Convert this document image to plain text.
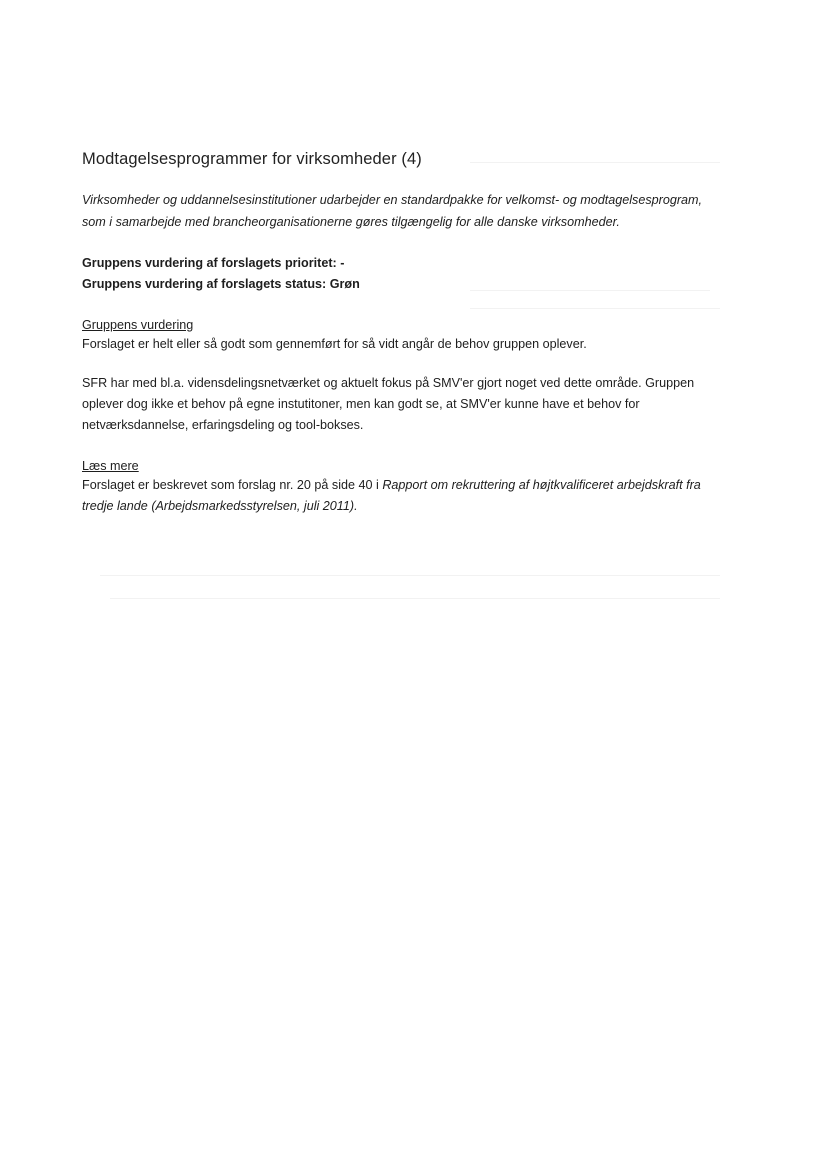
Modtagelsesprogrammer for virksomheder (4)

Virksomheder og uddannelsesinstitutioner udarbejder en standardpakke for velkomst- og modtagelsesprogram, som i samarbejde med brancheorganisationerne gøres tilgængelig for alle danske virksomheder.

Gruppens vurdering af forslagets prioritet: -
Gruppens vurdering af forslagets status: Grøn
Gruppens vurdering

Forslaget er helt eller så godt som gennemført for så vidt angår de behov gruppen oplever.

SFR har med bl.a. vidensdelingsnetværket og aktuelt fokus på SMV'er gjort noget ved dette område. Gruppen oplever dog ikke et behov på egne instutitoner, men kan godt se, at SMV'er kunne have et behov for netværksdannelse, erfaringsdeling og tool-bokses.

Læs mere

Forslaget er beskrevet som forslag nr. 20 på side 40 i Rapport om rekruttering af højtkvalificeret arbejdskraft fra tredje lande (Arbejdsmarkedsstyrelsen, juli 2011).
